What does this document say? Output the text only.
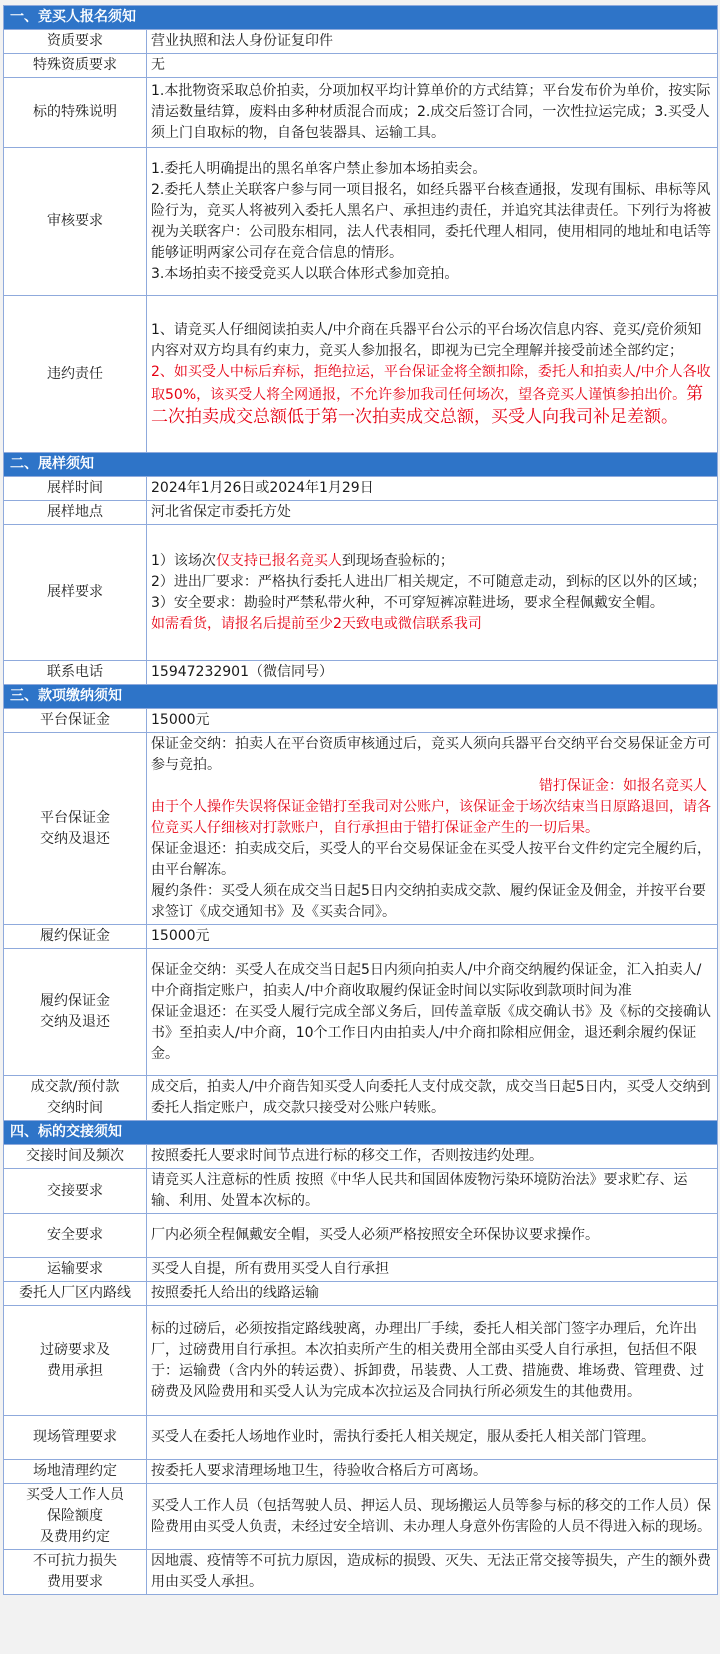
一、竞买人报名须知	
资质要求	营业执照和法人身份证复印件
特殊资质要求	无
标的特殊说明	1.本批物资采取总价拍卖，分项加权平均计算单价的方式结算；平台发布价为单价，按实际清运数量结算，废料由多种材质混合而成；2.成交后签订合同，一次性拉运完成；3.买受人须上门自取标的物，自备包装器具、运输工具。
审核要求	1.委托人明确提出的黑名单客户禁止参加本场拍卖会。
2.委托人禁止关联客户参与同一项目报名，如经兵器平台核查通报，发现有围标、串标等风险行为，竞买人将被列入委托人黑名户、承担违约责任，并追究其法律责任。下列行为将被视为关联客户：公司股东相同，法人代表相同，委托代理人相同，使用相同的地址和电话等能够证明两家公司存在竞合信息的情形。
3.本场拍卖不接受竞买人以联合体形式参加竞拍。

违约责任	1、请竞买人仔细阅读拍卖人/中介商在兵器平台公示的平台场次信息内容、竞买/竞价须知内容对双方均具有约束力，竞买人参加报名，即视为已完全理解并接受前述全部约定；
2、如买受人中标后弃标，拒绝拉运，平台保证金将全额扣除，委托人和拍卖人/中介人各收取50%，该买受人将全网通报，不允许参加我司任何场次，望各竞买人谨慎参拍出价。第二次拍卖成交总额低于第一次拍卖成交总额，买受人向我司补足差额。
二、展样须知	
展样时间	2024年1月26日或2024年1月29日
展样地点	河北省保定市委托方处
展样要求	1）该场次仅支持已报名竞买人到现场查验标的；
2）进出厂要求：严格执行委托人进出厂相关规定，不可随意走动，到标的区以外的区域；
3）安全要求：勘验时严禁私带火种，不可穿短裤凉鞋进场，要求全程佩戴安全帽。
如需看货，请报名后提前至少2天致电或微信联系我司

联系电话	15947232901（微信同号）
三、款项缴纳须知	
平台保证金	15000元

平台保证金
交纳及退还	保证金交纳：拍卖人在平台资质审核通过后，竞买人须向兵器平台交纳平台交易保证金方可参与竞拍。
错打保证金：如报名竞买人由于个人操作失误将保证金错打至我司对公账户，该保证金于场次结束当日原路退回，请各位竞买人仔细核对打款账户，自行承担由于错打保证金产生的一切后果。
保证金退还：拍卖成交后，买受人的平台交易保证金在买受人按平台文件约定完全履约后，由平台解冻。
履约条件：买受人须在成交当日起5日内交纳拍卖成交款、履约保证金及佣金，并按平台要求签订《成交通知书》及《买卖合同》。

履约保证金	15000元

履约保证金
交纳及退还	保证金交纳：买受人在成交当日起5日内须向拍卖人/中介商交纳履约保证金，汇入拍卖人/中介商指定账户，拍卖人/中介商收取履约保证金时间以实际收到款项时间为准
保证金退还：在买受人履行完成全部义务后，回传盖章版《成交确认书》及《标的交接确认书》至拍卖人/中介商，10个工作日内由拍卖人/中介商扣除相应佣金，退还剩余履约保证金。

成交款/预付款
交纳时间	成交后，拍卖人/中介商告知买受人向委托人支付成交款，成交当日起5日内，买受人交纳到委托人指定账户，成交款只接受对公账户转账。
四、标的交接须知	
交接时间及频次	按照委托人要求时间节点进行标的移交工作，否则按违约处理。
交接要求	请竞买人注意标的性质 按照《中华人民共和国固体废物污染环境防治法》要求贮存、运输、利用、处置本次标的。
安全要求	厂内必须全程佩戴安全帽，买受人必须严格按照安全环保协议要求操作。
运输要求	买受人自提，所有费用买受人自行承担
委托人厂区内路线	按照委托人给出的线路运输

过磅要求及
费用承担	标的过磅后，必须按指定路线驶离，办理出厂手续，委托人相关部门签字办理后，允许出厂，过磅费用自行承担。本次拍卖所产生的相关费用全部由买受人自行承担，包括但不限于：运输费（含内外的转运费）、拆卸费，吊装费、人工费、措施费、堆场费、管理费、过磅费及风险费用和买受人认为完成本次拉运及合同执行所必须发生的其他费用。
现场管理要求	买受人在委托人场地作业时，需执行委托人相关规定，服从委托人相关部门管理。
场地清理约定	按委托人要求清理场地卫生，待验收合格后方可离场。

买受人工作人员
保险额度
及费用约定	买受人工作人员（包括驾驶人员、押运人员、现场搬运人员等参与标的移交的工作人员）保险费用由买受人负责，未经过安全培训、未办理人身意外伤害险的人员不得进入标的现场。

不可抗力损失
费用要求	因地震、疫情等不可抗力原因，造成标的损毁、灭失、无法正常交接等损失，产生的额外费用由买受人承担。
